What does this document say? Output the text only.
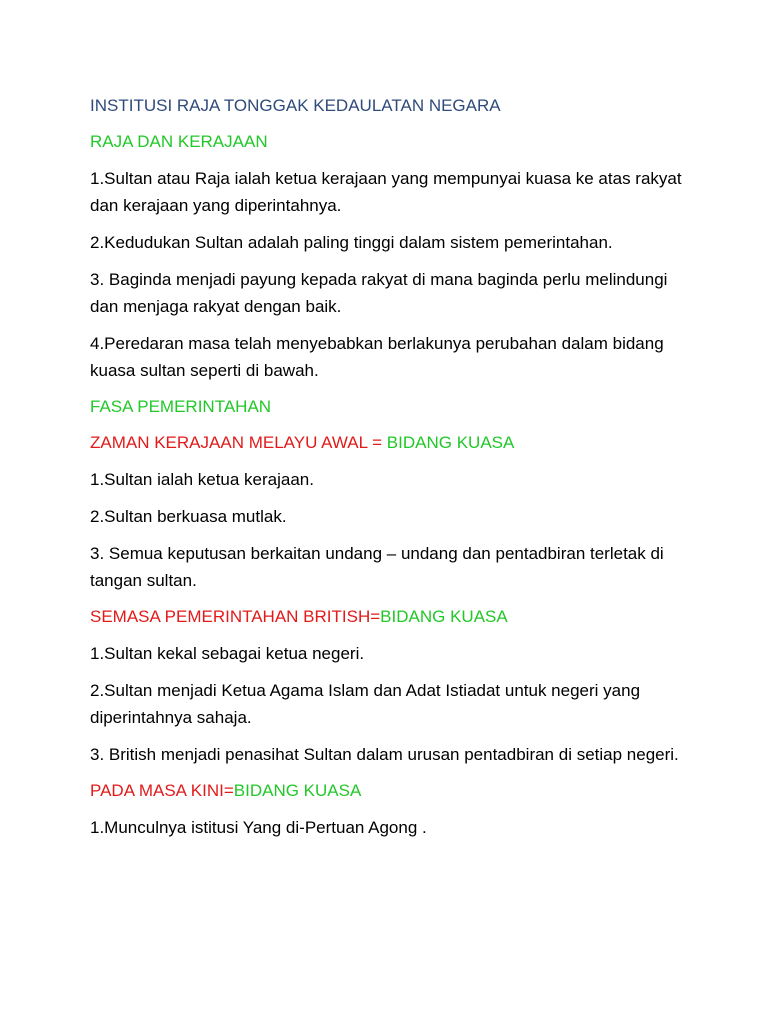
INSTITUSI RAJA TONGGAK KEDAULATAN NEGARA
RAJA DAN KERAJAAN

1.Sultan atau Raja ialah ketua kerajaan yang mempunyai kuasa ke atas rakyat dan kerajaan yang diperintahnya.

2.Kedudukan Sultan adalah paling tinggi dalam sistem pemerintahan.

3. Baginda menjadi payung kepada rakyat di mana baginda perlu melindungi dan menjaga rakyat dengan baik.

4.Peredaran masa telah menyebabkan berlakunya perubahan dalam bidang kuasa sultan seperti di bawah.

FASA PEMERINTAHAN
ZAMAN KERAJAAN MELAYU AWAL = BIDANG KUASA

1.Sultan ialah ketua kerajaan.

2.Sultan berkuasa mutlak.

3. Semua keputusan berkaitan undang – undang dan pentadbiran terletak di tangan sultan.

SEMASA PEMERINTAHAN BRITISH=BIDANG KUASA

1.Sultan kekal sebagai ketua negeri.

2.Sultan menjadi Ketua Agama Islam dan Adat Istiadat untuk negeri yang diperintahnya sahaja.

3. British menjadi penasihat Sultan dalam urusan pentadbiran di setiap negeri.

PADA MASA KINI=BIDANG KUASA

1.Munculnya istitusi Yang di-Pertuan Agong .
